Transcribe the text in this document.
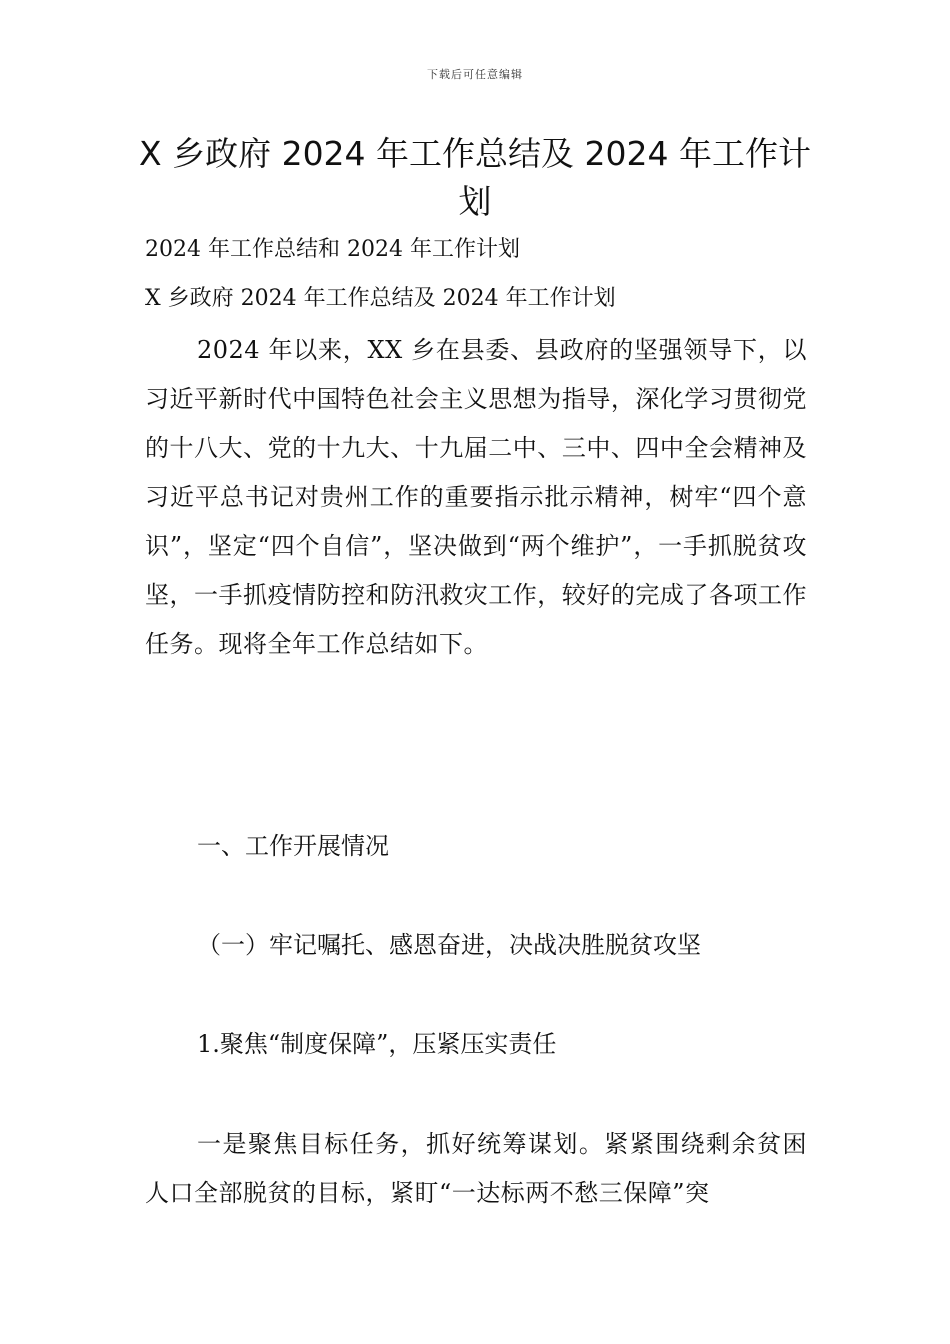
下载后可任意编辑
X 乡政府 2024 年工作总结及 2024 年工作计划

2024 年工作总结和 2024 年工作计划

X 乡政府 2024 年工作总结及 2024 年工作计划

2024 年以来，XX 乡在县委、县政府的坚强领导下，以习近平新时代中国特色社会主义思想为指导，深化学习贯彻党的十八大、党的十九大、十九届二中、三中、四中全会精神及习近平总书记对贵州工作的重要指示批示精神，树牢“四个意识”，坚定“四个自信”，坚决做到“两个维护”，一手抓脱贫攻坚，一手抓疫情防控和防汛救灾工作，较好的完成了各项工作任务。现将全年工作总结如下。

一、工作开展情况

（一）牢记嘱托、感恩奋进，决战决胜脱贫攻坚

1.聚焦“制度保障”，压紧压实责任

一是聚焦目标任务，抓好统筹谋划。紧紧围绕剩余贫困人口全部脱贫的目标，紧盯“一达标两不愁三保障”突
